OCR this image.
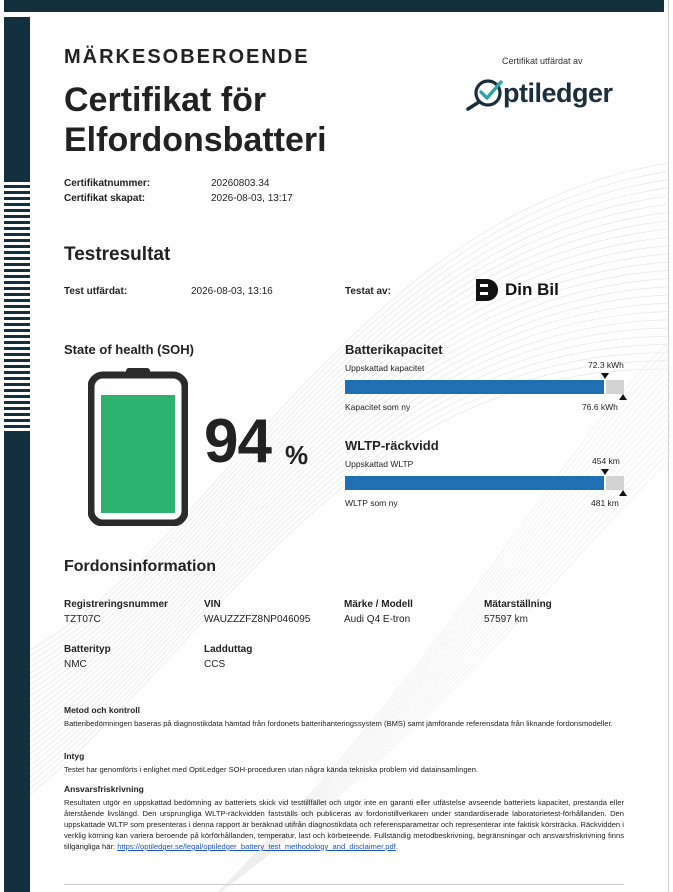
MÄRKESOBEROENDE
Certifikat för
Elfordonsbatteri
Certifikat utfärdat av
ptiledger
Certifikatnummer:	20260803.34
Certifikat skapat:	2026-08-03, 13:17
Testresultat
Test utfärdat:	2026-08-03, 13:16	Testat av:	Din Bil
State of health (SOH)
94 %
Batterikapacitet
Uppskattad kapacitet	72.3 kWh
Kapacitet som ny	76.6 kWh
WLTP-räckvidd
Uppskattad WLTP	454 km
WLTP som ny	481 km
Fordonsinformation
Registreringsnummer
TZT07C
VIN
WAUZZZFZ8NP046095
Märke / Modell
Audi Q4 E-tron
Mätarställning
57597 km
Batterityp
NMC
Ladduttag
CCS
Metod och kontroll
Batteribedömningen baseras på diagnostikdata hämtad från fordonets batterihanteringssystem (BMS) samt jämförande referensdata från liknande fordonsmodeller.
Intyg
Testet har genomförts i enlighet med OptiLedger SOH-proceduren utan några kända tekniska problem vid datainsamlingen.
Ansvarsfriskrivning
Resultaten utgör en uppskattad bedömning av batteriets skick vid testtillfället och utgör inte en garanti eller utfästelse avseende batteriets kapacitet, prestanda eller återstående livslängd. Den ursprungliga WLTP-räckvidden fastställs och publiceras av fordonstillverkaren under standardiserade laboratorietest-förhållanden. Den uppskattade WLTP som presenteras i denna rapport är beräknad utifrån diagnostikdata och referensparametrar och representerar inte faktisk körsträcka. Räckvidden i verklig körning kan variera beroende på körförhållanden, temperatur, last och körbeteende. Fullständig metodbeskrivning, begränsningar och ansvarsfriskrivning finns tillgängliga här: https://optiledger.se/legal/optiledger_battery_test_methodology_and_disclaimer.pdf.
